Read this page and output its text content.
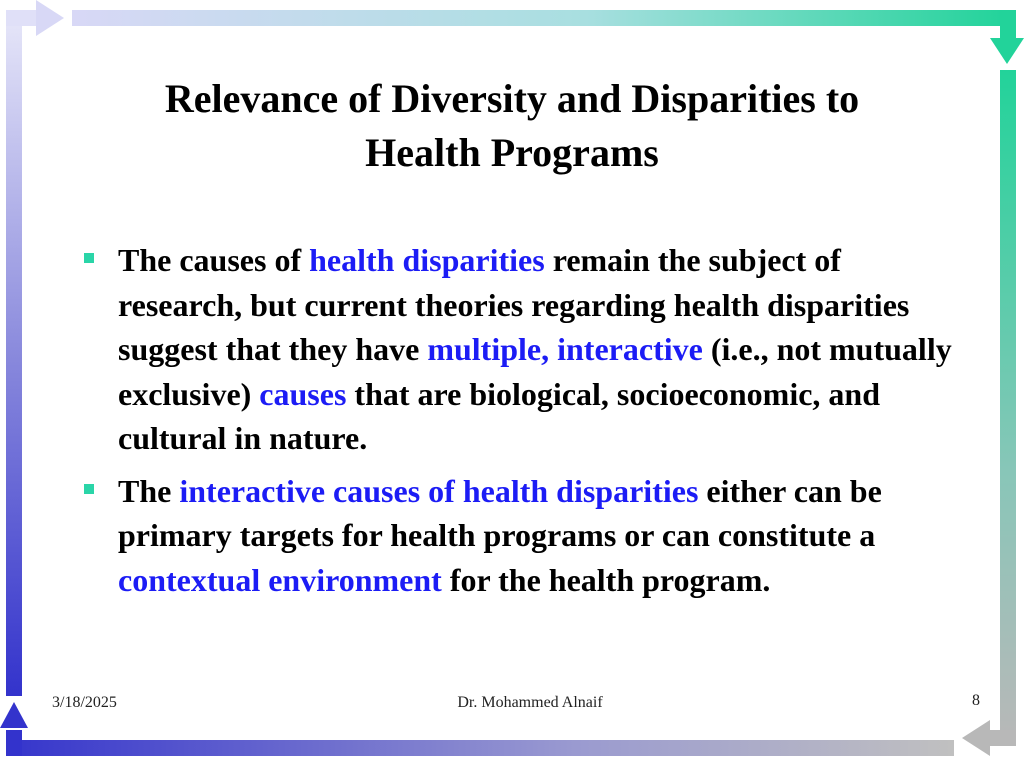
Relevance of Diversity and Disparities to
Health Programs
The causes of health disparities remain the subject of research, but current theories regarding health disparities suggest that they have multiple, interactive (i.e., not mutually exclusive) causes that are biological, socioeconomic, and cultural in nature.
The interactive causes of health disparities either can be primary targets for health programs or can constitute a contextual environment for the health program.
3/18/2025	Dr. Mohammed Alnaif	8
